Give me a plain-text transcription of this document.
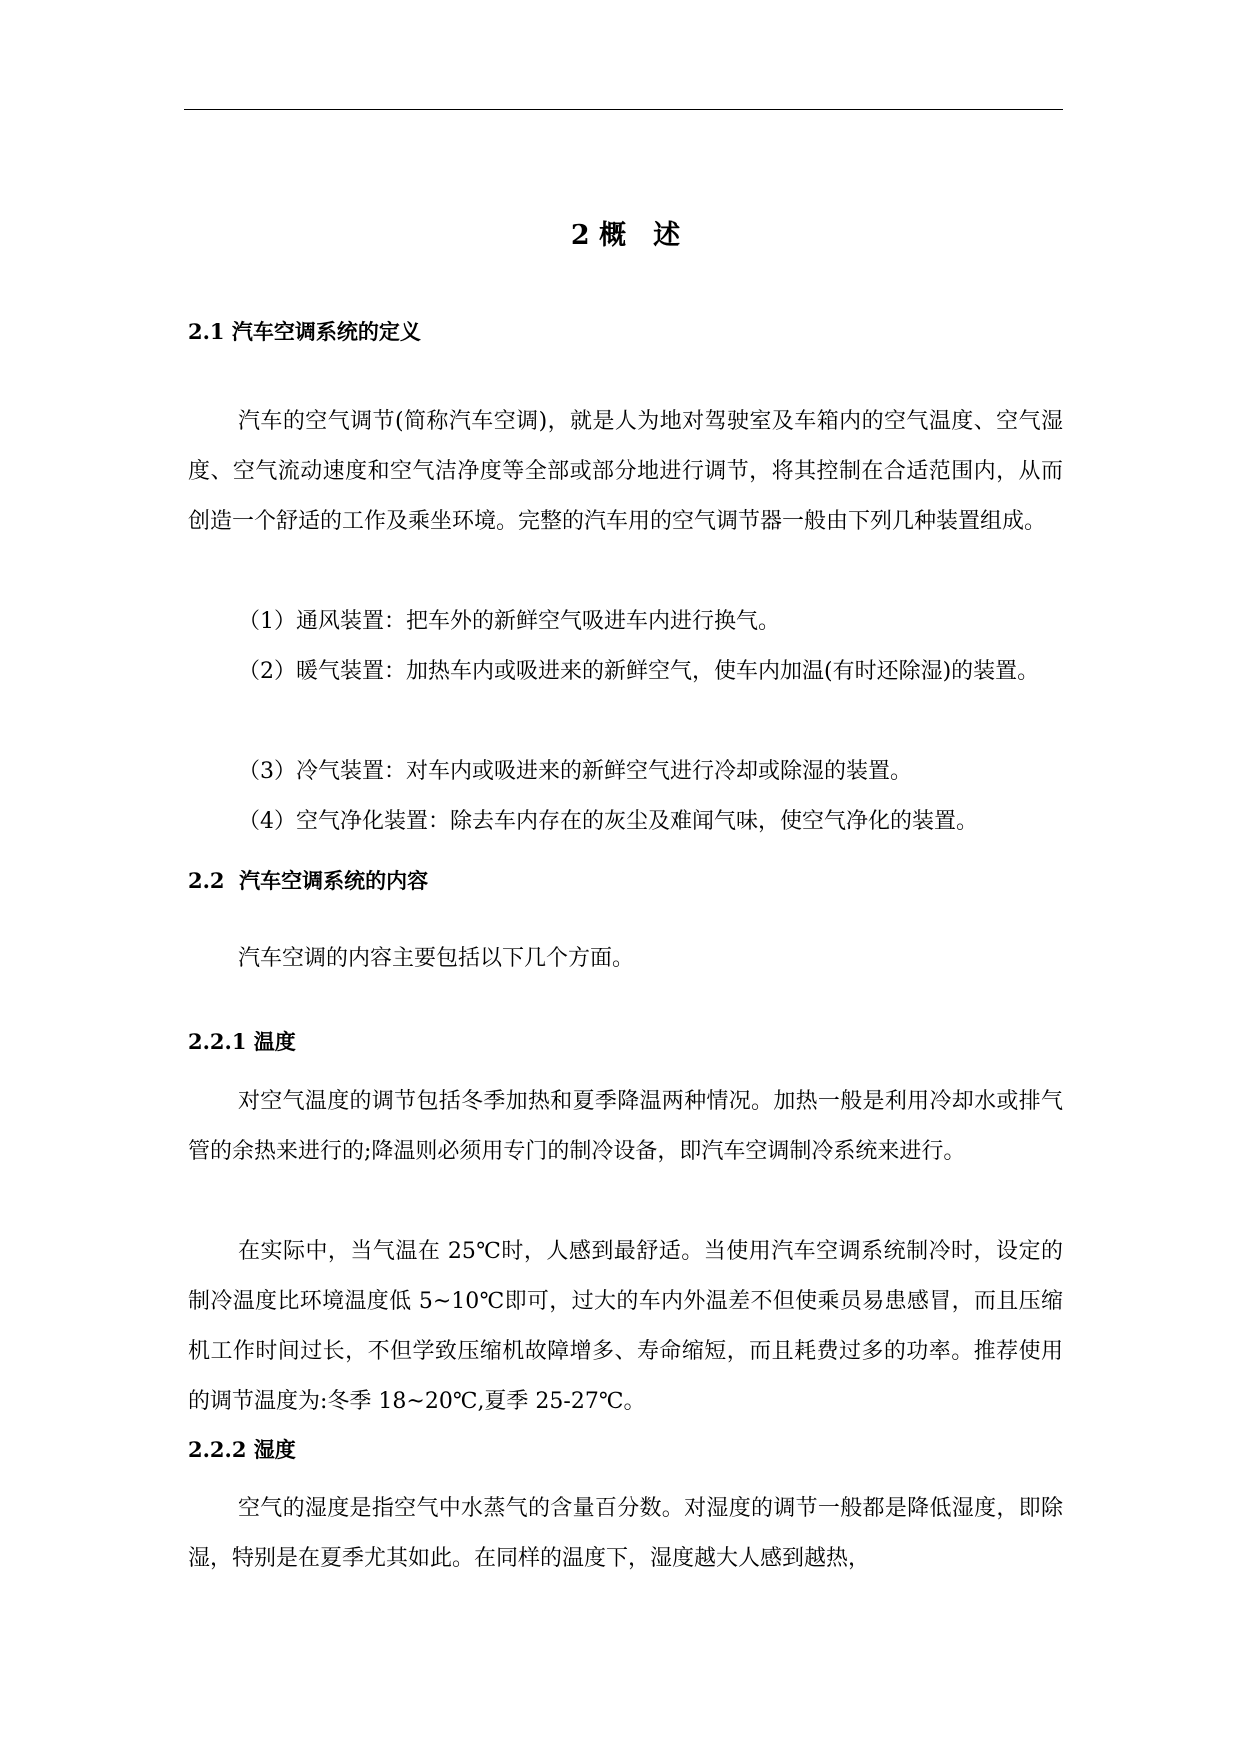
2 概　述
2.1 汽车空调系统的定义

汽车的空气调节(简称汽车空调)，就是人为地对驾驶室及车箱内的空气温度、空气湿度、空气流动速度和空气洁净度等全部或部分地进行调节，将其控制在合适范围内，从而创造一个舒适的工作及乘坐环境。完整的汽车用的空气调节器一般由下列几种装置组成。

（1）通风装置：把车外的新鲜空气吸进车内进行换气。

（2）暖气装置：加热车内或吸进来的新鲜空气，使车内加温(有时还除湿)的装置。

（3）冷气装置：对车内或吸进来的新鲜空气进行冷却或除湿的装置。

（4）空气净化装置：除去车内存在的灰尘及难闻气味，使空气净化的装置。

2.2  汽车空调系统的内容

汽车空调的内容主要包括以下几个方面。

2.2.1 温度

对空气温度的调节包括冬季加热和夏季降温两种情况。加热一般是利用冷却水或排气管的余热来进行的;降温则必须用专门的制冷设备，即汽车空调制冷系统来进行。

在实际中，当气温在 25℃时，人感到最舒适。当使用汽车空调系统制冷时，设定的制冷温度比环境温度低 5~10℃即可，过大的车内外温差不但使乘员易患感冒，而且压缩机工作时间过长，不但学致压缩机故障增多、寿命缩短，而且耗费过多的功率。推荐使用的调节温度为:冬季 18~20℃,夏季 25-27℃。

2.2.2 湿度

空气的湿度是指空气中水蒸气的含量百分数。对湿度的调节一般都是降低湿度，即除湿，特别是在夏季尤其如此。在同样的温度下，湿度越大人感到越热，
